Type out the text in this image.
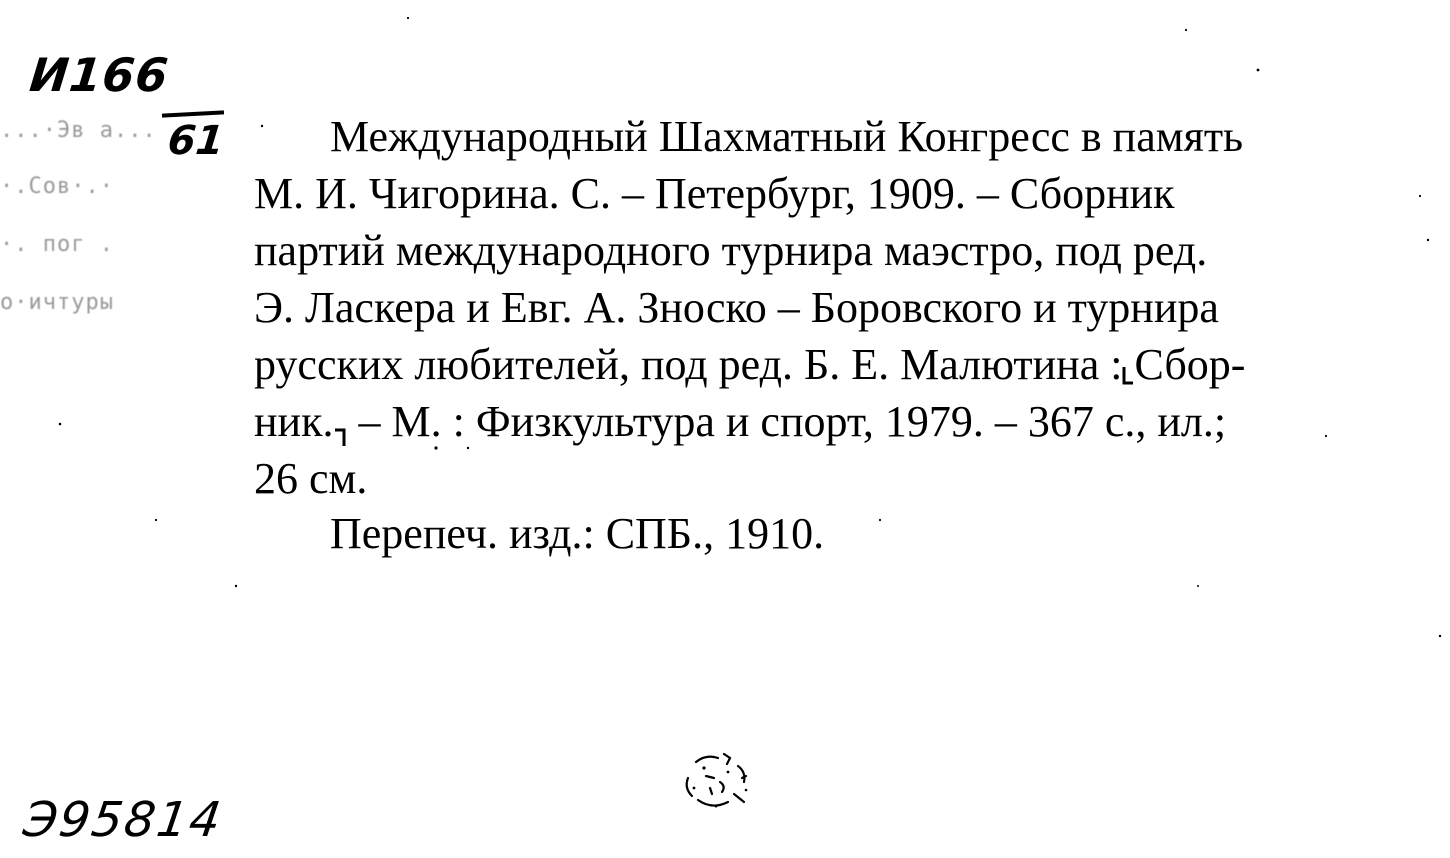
И166
61
...·Эв а...
·.Сов·.·
·. пог .
о·ичтуры

Международный Шахматный Конгресс в память

М. И. Чигорина. С. – Петербург, 1909. – Сборник

партий международного турнира маэстро, под ред.

Э. Ласкера и Евг. А. Зноско – Боровского и турнира

русских любителей, под ред. Б. Е. Малютина : Сбор-

ник.
– М. : Физкультура и спорт, 1979. – 367 с., ил.;

26 см.

Перепеч. изд.: СПБ., 1910.
Э95814
